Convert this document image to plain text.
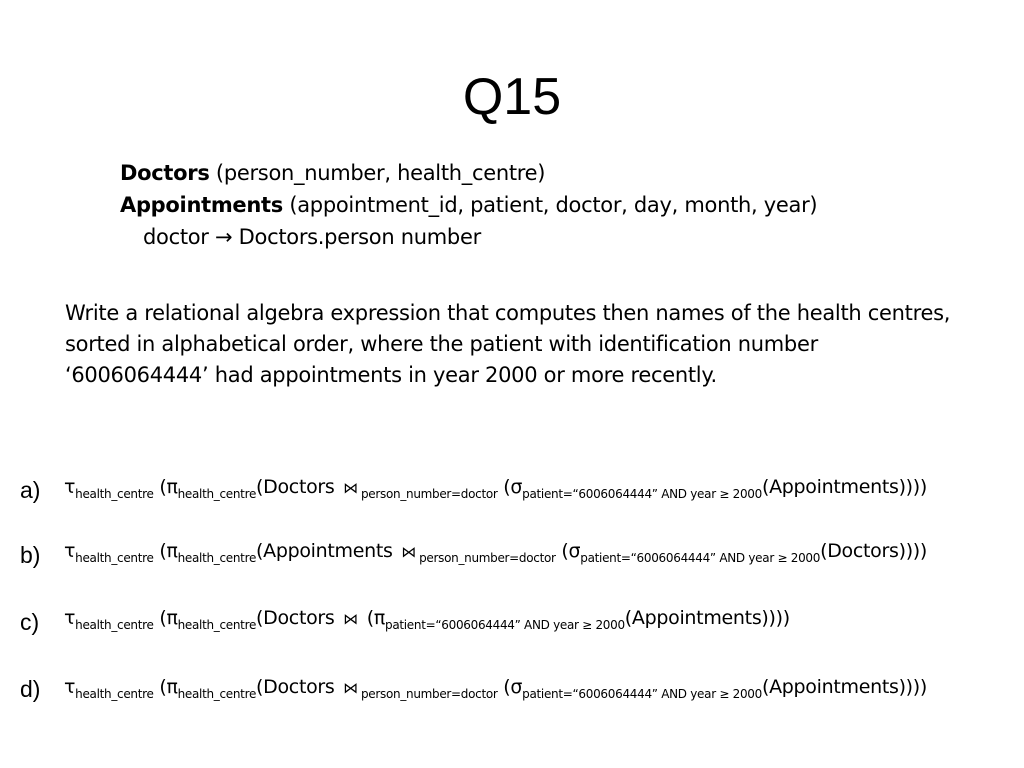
Q15
Doctors (person_number, health_centre)
Appointments (appointment_id, patient, doctor, day, month, year)
doctor → Doctors.person number
Write a relational algebra expression that computes then names of the health centres,
sorted in alphabetical order, where the patient with identification number
‘6006064444’ had appointments in year 2000 or more recently.
a) $\tau_{health\_centre}$ ($\pi_{health\_centre}(Doctors$ ⋈ $_{person\_number=doctor}$ $(\sigma_{patient=“6006064444” AND year \ge 2000}(Appointments))$))
b) $\tau_{health\_centre}$ ($\pi_{health\_centre}(Appointments$ ⋈ $_{person\_number=doctor}$ $(\sigma_{patient=“6006064444” AND year \ge 2000}(Doctors))$))
c)	$\tau_{health\_centre}$ ($\pi_{health\_centre}(Doctors$ ⋈ $(\pi_{patient=“6006064444” AND year \ge 2000}(Appointments))$))
d) $\tau_{health\_centre}$ ($\pi_{health\_centre}(Doctors$ ⋈ $_{person\_number=doctor}$ $(\sigma_{patient=“6006064444” AND year \ge 2000}(Appointments))$))
